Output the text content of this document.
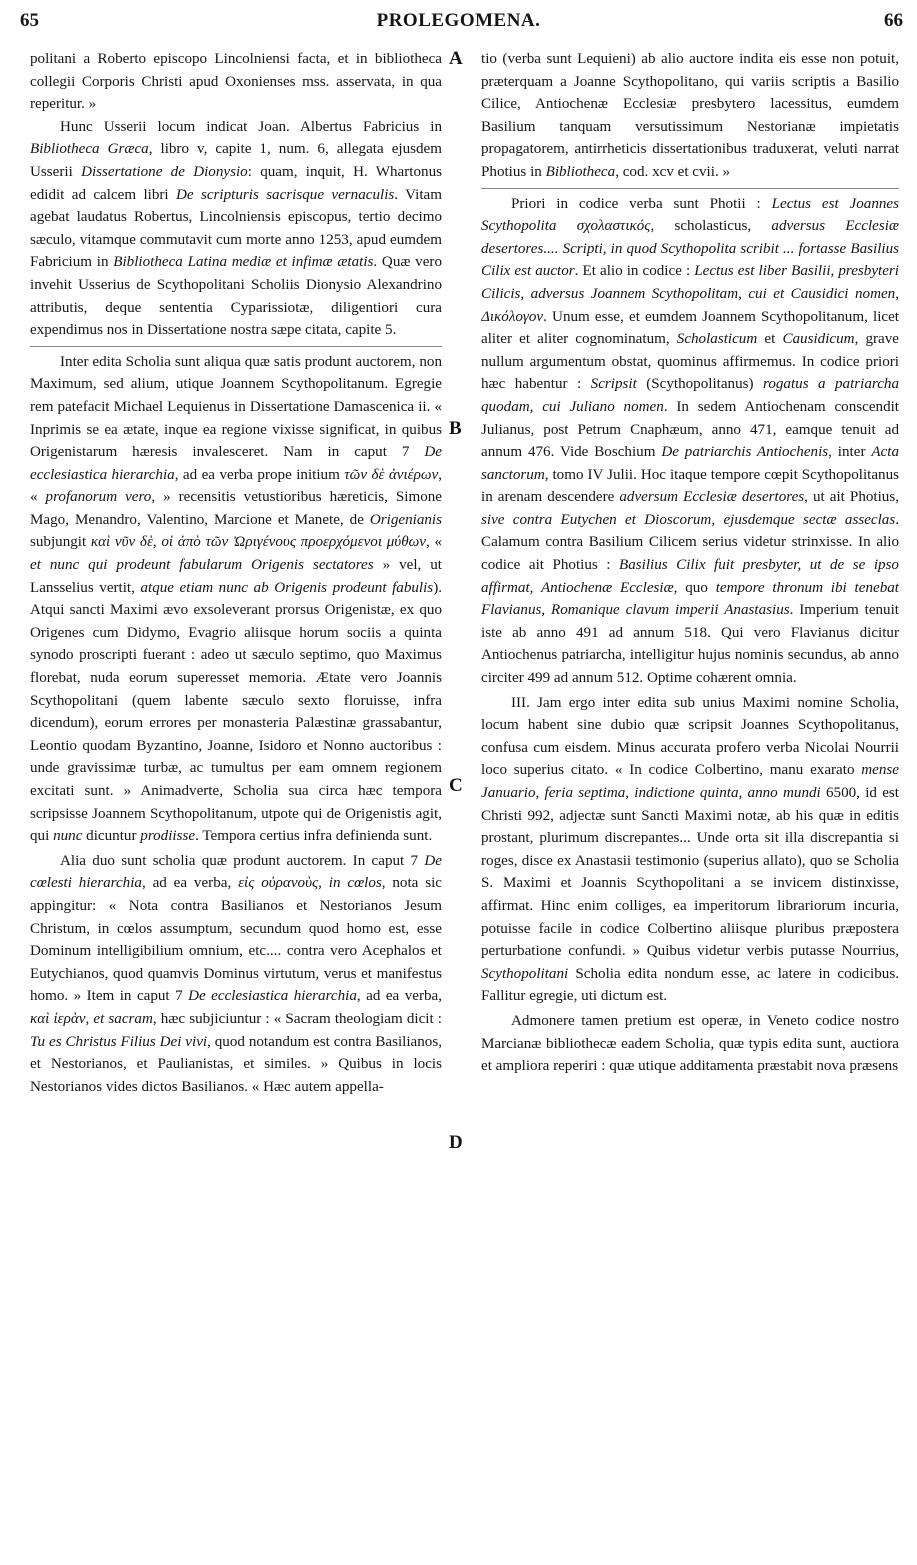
65	PROLEGOMENA.	66

politani a Roberto episcopo Lincolniensi facta, et in bibliotheca collegii Corporis Christi apud Oxonienses mss. asservata, in qua reperitur. »

Hunc Usserii locum indicat Joan. Albertus Fabricius in Bibliotheca Græca, libro v, capite 1, num. 6, allegata ejusdem Usserii Dissertatione de Dionysio: quam, inquit, H. Whartonus edidit ad calcem libri De scripturis sacrisque vernaculis. Vitam agebat laudatus Robertus, Lincolniensis episcopus, tertio decimo sæculo, vitamque commutavit cum morte anno 1253, apud eumdem Fabricium in Bibliotheca Latina mediæ et infimæ ætatis. Quæ vero invehit Usserius de Scythopolitani Scholiis Dionysio Alexandrino attributis, deque sententia Cyparissiotæ, diligentiori cura expendimus nos in Dissertatione nostra sæpe citata, capite 5.

Inter edita Scholia sunt aliqua quæ satis produnt auctorem, non Maximum, sed alium, utique Joannem Scythopolitanum. Egregie rem patefacit Michael Lequienus in Dissertatione Damascenica ii. « Inprimis se ea ætate, inque ea regione vixisse significat, in quibus Origenistarum hæresis invalesceret. Nam in caput 7 De ecclesiastica hierarchia, ad ea verba prope initium τῶν δὲ ἀνιέρων, « profanorum vero, » recensitis vetustioribus hæreticis, Simone Mago, Menandro, Valentino, Marcione et Manete, de Origenianis subjungit καὶ νῦν δὲ, οἱ ἀπὸ τῶν Ὠριγένους προερχόμενοι μύθων, « et nunc qui prodeunt fabularum Origenis sectatores » vel, ut Lansselius vertit, atque etiam nunc ab Origenis prodeunt fabulis). Atqui sancti Maximi ævo exsoleverant prorsus Origenistæ, ex quo Origenes cum Didymo, Evagrio aliisque horum sociis a quinta synodo proscripti fuerant : adeo ut sæculo septimo, quo Maximus florebat, nuda eorum superesset memoria. Ætate vero Joannis Scythopolitani (quem labente sæculo sexto floruisse, infra dicendum), eorum errores per monasteria Palæstinæ grassabantur, Leontio quodam Byzantino, Joanne, Isidoro et Nonno auctoribus : unde gravissimæ turbæ, ac tumultus per eam omnem regionem excitati sunt. » Animadverte, Scholia sua circa hæc tempora scripsisse Joannem Scythopolitanum, utpote qui de Origenistis agit, qui nunc dicuntur prodiisse. Tempora certius infra definienda sunt.

Alia duo sunt scholia quæ produnt auctorem. In caput 7 De cœlesti hierarchia, ad ea verba, εἰς οὐρανοὺς, in cœlos, nota sic appingitur: « Nota contra Basilianos et Nestorianos Jesum Christum, in cœlos assumptum, secundum quod homo est, esse Dominum intelligibilium omnium, etc.... contra vero Acephalos et Eutychianos, quod quamvis Dominus virtutum, verus et manifestus homo. » Item in caput 7 De ecclesiastica hierarchia, ad ea verba, καὶ ἱερὰν, et sacram, hæc subjiciuntur : « Sacram theologiam dicit : Tu es Christus Filius Dei vivi, quod notandum est contra Basilianos, et Nestorianos, et Paulianistas, et similes. » Quibus in locis Nestorianos vides dictos Basilianos. « Hæc autem appella-

A
B
C
D

tio (verba sunt Lequieni) ab alio auctore indita eis esse non potuit, præterquam a Joanne Scythopolitano, qui variis scriptis a Basilio Cilice, Antiochenæ Ecclesiæ presbytero lacessitus, eumdem Basilium tanquam versutissimum Nestorianæ impietatis propagatorem, antirrheticis dissertationibus traduxerat, veluti narrat Photius in Bibliotheca, cod. xcv et cvii. »

Priori in codice verba sunt Photii : Lectus est Joannes Scythopolita σχολαστικός, scholasticus, adversus Ecclesiæ desertores.... Scripti, in quod Scythopolita scribit ... fortasse Basilius Cilix est auctor. Et alio in codice : Lectus est liber Basilii, presbyteri Cilicis, adversus Joannem Scythopolitam, cui et Causidici nomen, Δικόλογον. Unum esse, et eumdem Joannem Scythopolitanum, licet aliter et aliter cognominatum, Scholasticum et Causidicum, grave nullum argumentum obstat, quominus affirmemus. In codice priori hæc habentur : Scripsit (Scythopolitanus) rogatus a patriarcha quodam, cui Juliano nomen. In sedem Antiochenam conscendit Julianus, post Petrum Cnaphæum, anno 471, eamque tenuit ad annum 476. Vide Boschium De patriarchis Antiochenis, inter Acta sanctorum, tomo IV Julii. Hoc itaque tempore cœpit Scythopolitanus in arenam descendere adversum Ecclesiæ desertores, ut ait Photius, sive contra Eutychen et Dioscorum, ejusdemque sectæ asseclas. Calamum contra Basilium Cilicem serius videtur strinxisse. In alio codice ait Photius : Basilius Cilix fuit presbyter, ut de se ipso affirmat, Antiochenæ Ecclesiæ, quo tempore thronum ibi tenebat Flavianus, Romanique clavum imperii Anastasius. Imperium tenuit iste ab anno 491 ad annum 518. Qui vero Flavianus dicitur Antiochenus patriarcha, intelligitur hujus nominis secundus, ab anno circiter 499 ad annum 512. Optime cohærent omnia.

III. Jam ergo inter edita sub unius Maximi nomine Scholia, locum habent sine dubio quæ scripsit Joannes Scythopolitanus, confusa cum eisdem. Minus accurata profero verba Nicolai Nourrii loco superius citato. « In codice Colbertino, manu exarato mense Januario, feria septima, indictione quinta, anno mundi 6500, id est Christi 992, adjectæ sunt Sancti Maximi notæ, ab his quæ in editis prostant, plurimum discrepantes... Unde orta sit illa discrepantia si roges, disce ex Anastasii testimonio (superius allato), quo se Scholia S. Maximi et Joannis Scythopolitani a se invicem distinxisse, affirmat. Hinc enim colliges, ea imperitorum librariorum incuria, potuisse facile in codice Colbertino aliisque pluribus præpostera perturbatione confundi. » Quibus videtur verbis putasse Nourrius, Scythopolitani Scholia edita nondum esse, ac latere in codicibus. Fallitur egregie, uti dictum est.

Admonere tamen pretium est operæ, in Veneto codice nostro Marcianæ bibliothecæ eadem Scholia, quæ typis edita sunt, auctiora et ampliora reperiri : quæ utique additamenta præstabit nova præsens
